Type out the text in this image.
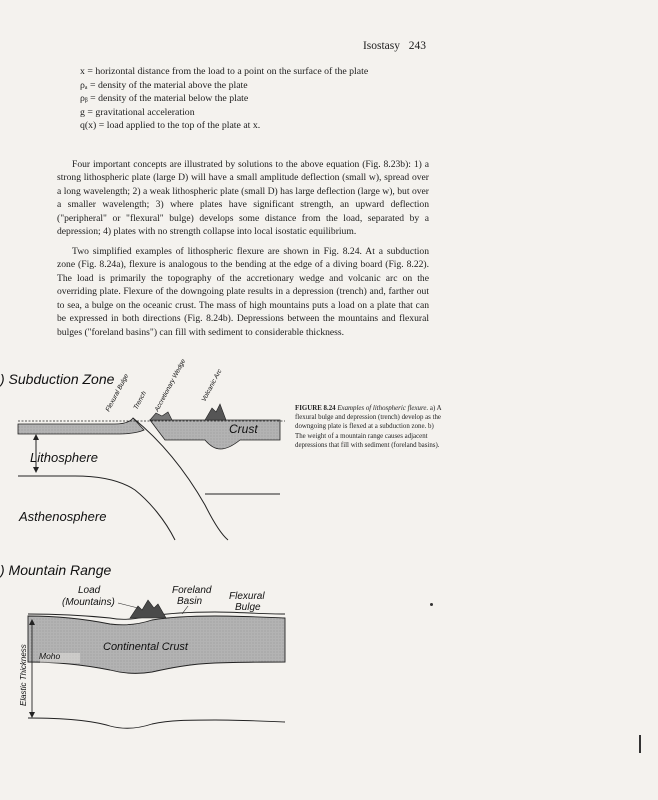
Isostasy 243
x = horizontal distance from the load to a point on the surface of the plate
ρₐ = density of the material above the plate
ρᵦ = density of the material below the plate
g = gravitational acceleration
q(x) = load applied to the top of the plate at x.

Four important concepts are illustrated by solutions to the above equation (Fig. 8.23b): 1) a strong lithospheric plate (large D) will have a small amplitude deflection (small w), spread over a long wavelength; 2) a weak lithospheric plate (small D) has large deflection (large w), but over a smaller wavelength; 3) where plates have significant strength, an upward deflection ("peripheral" or "flexural" bulge) develops some distance from the load, separated by a depression; 4) plates with no strength collapse into local isostatic equilibrium.

Two simplified examples of lithospheric flexure are shown in Fig. 8.24. At a subduction zone (Fig. 8.24a), flexure is analogous to the bending at the edge of a diving board (Fig. 8.22). The load is primarily the topography of the accretionary wedge and volcanic arc on the overriding plate. Flexure of the downgoing plate results in a depression (trench) and, farther out to sea, a bulge on the oceanic crust. The mass of high mountains puts a load on a plate that can be expressed in both directions (Fig. 8.24b). Depressions between the mountains and flexural bulges ("foreland basins") can fill with sediment to considerable thickness.

) Subduction Zone
) Mountain Range
Lithosphere
Asthenosphere
Crust
Flexural Bulge Trench Accretionary Wedge Volcanic Arc
Elastic Thickness Moho
Continental Crust
Load
(Mountains)
Foreland
Basin	Flexural
Bulge
FIGURE 8.24 Examples of lithospheric flexure. a) A flexural bulge and depression (trench) develop as the downgoing plate is flexed at a subduction zone. b) The weight of a mountain range causes adjacent depressions that fill with sediment (foreland basins).
